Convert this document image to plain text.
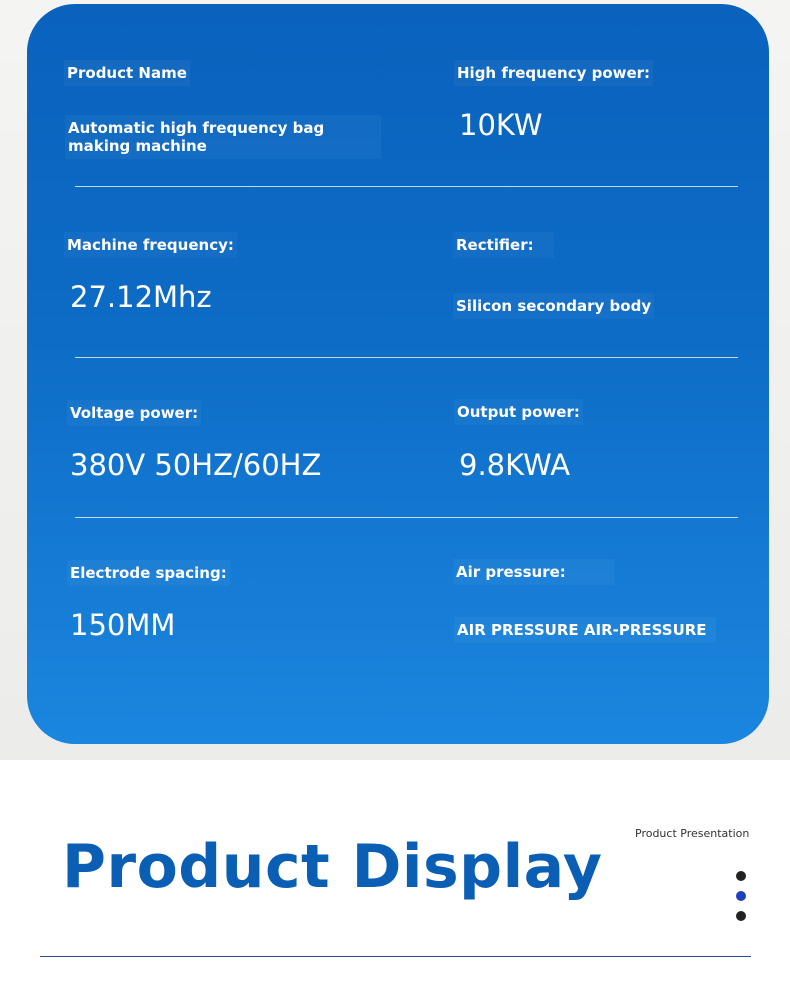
Product Name
Automatic high frequency bag making machine
High frequency power:
10KW
Machine frequency:
27.12Mhz
Rectifier:
Silicon secondary body
Voltage power:
380V 50HZ/60HZ
Output power:
9.8KWA
Electrode spacing:
150MM
Air pressure:
AIR PRESSURE AIR-PRESSURE
Product Display	Product Presentation
